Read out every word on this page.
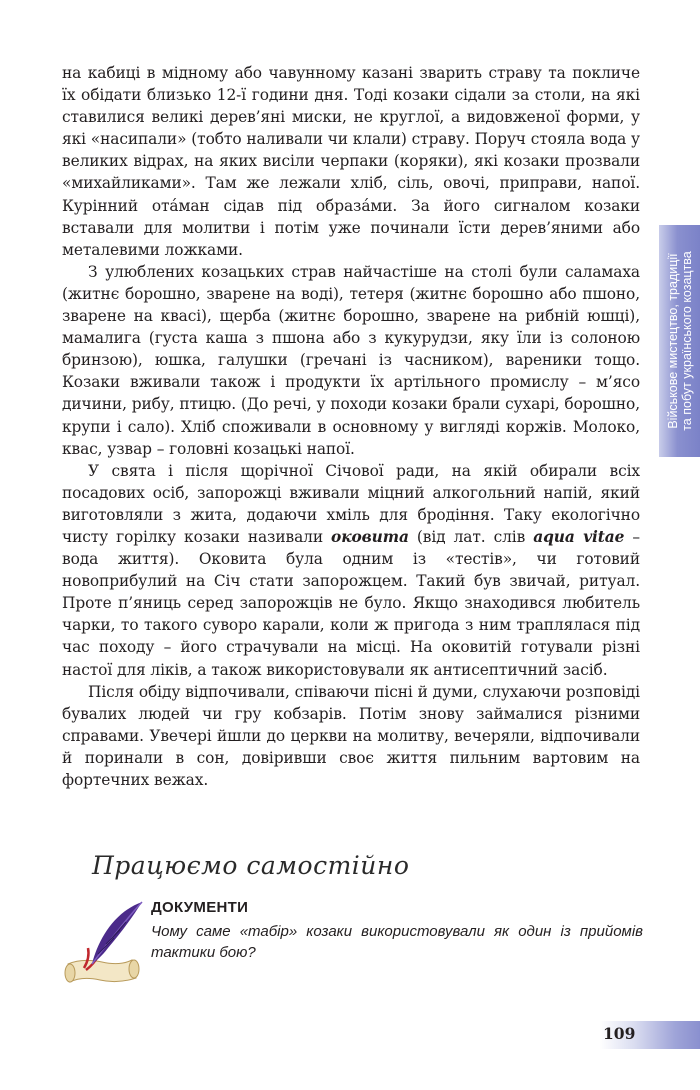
на кабиці в мідному або чавунному казані зварить страву та покличе їх обідати близько 12-ї години дня. Тоді козаки сідали за столи, на які ставилися великі дерев’яні миски, не круглої, а видовженої форми, у які «насипали» (тобто наливали чи клали) страву. Поруч стояла вода у великих відрах, на яких висіли черпаки (коряки), які козаки прозвали «михайликами». Там же лежали хліб, сіль, овочі, приправи, напої. Курінний ота́ман сідав під образа́ми. За його сигналом козаки вставали для молитви і потім уже починали їсти дерев’яними або металевими ложками.

З улюблених козацьких страв найчастіше на столі були саламаха (житнє борошно, зварене на воді), тетеря (житнє борошно або пшоно, зварене на квасі), щерба (житнє борошно, зварене на рибній юшці), мамалига (густа каша з пшона або з кукурудзи, яку їли із солоною бринзою), юшка, галушки (гречані із часником), вареники тощо. Козаки вживали також і продукти їх артільного промислу – м’ясо дичини, рибу, птицю. (До речі, у походи козаки брали сухарі, борошно, крупи і сало). Хліб споживали в основному у вигляді коржів. Молоко, квас, узвар – головні козацькі напої.

У свята і після щорічної Січової ради, на якій обирали всіх посадових осіб, запорожці вживали міцний алкогольний напій, який виготовляли з жита, додаючи хміль для бродіння. Таку екологічно чисту горілку козаки називали оковита (від лат. слів aqua vitae – вода життя). Оковита була одним із «тестів», чи готовий новоприбулий на Січ стати запорожцем. Такий був звичай, ритуал. Проте п’яниць серед запорожців не було. Якщо знаходився любитель чарки, то такого суворо карали, коли ж пригода з ним траплялася під час походу – його страчували на місці. На оковитій готували різні настої для ліків, а також використовували як антисептичний засіб.

Після обіду відпочивали, співаючи пісні й думи, слухаючи розповіді бувалих людей чи гру кобзарів. Потім знову займалися різними справами. Увечері йшли до церкви на молитву, вечеряли, відпочивали й поринали в сон, довіривши своє життя пильним вартовим на фортечних вежах.

Військове мистецтво, традиції та побут українського козацтва
Працюємо самостійно
ДОКУМЕНТИ
Чому саме «табір» козаки використовували як один із прийомів тактики бою?
109
